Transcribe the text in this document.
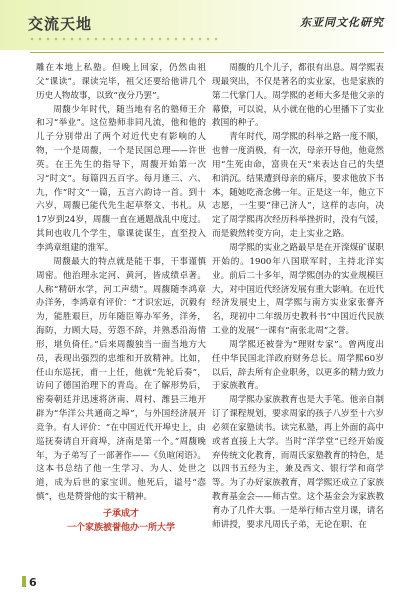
交流天地	东亚同文化研究

雕在本地上私塾。但晚上回家，仍然由祖父“课读”。课读完毕，祖父还要给他讲几个历史人物故事，以致“夜分乃罢”。

周馥少年时代，随当地有名的塾师王介和习“举业”。这位塾师非同凡流，他和他的儿子分别带出了两个对近代史有影响的人物，一个是周馥，一个是民国总理——许世英。在王先生的指导下，周馥开始第一次习“时文”。每篇四五百字。每月逢三、六、九，作“时文”一篇，五言六韵诗一首。到十六岁，周馥已能代先生起草祭文、书札。从17岁到24岁，周馥一直在通题战乱中度过。其间也收几个学生，靠课徒谋生，直至投入李鸿章组建的淮军。

周馥最大的特点就是能干事，干事谨慎周密。他治理永定河、黄河，皆成绩卓著。人称“精研水学，河工声绩”。周馥随李鸿章办洋务，李鸿章有评价：“才识宏远，沉毅有为，能胜艰巨，历年随臣筹办军务，洋务，海防，力顾大局，劳怨不辞，并熟悉沿海情形，堪负倚任。”后来周馥独当一面当地方大员，表现出强烈的忠维和开放精神。比如，任山东巡抚，甫一上任，他就“先轮后奏”，访问了德国治理下的青岛。在了解形势后，密奏朝廷并迅速将济南、周村、潍县三地开辟为“华洋公共通商之埠”，与外国经济展开竞争。有人评价：“在中国近代开埠史上，由巡抚奏请自开商埠，济南是第一个。”周馥晚年，为子弟写了一部著作——《负暄闲语》。这本书总结了他一生学习、为人、处世之道，成为后世的家宝训。他死后，谥号“悫慎”，也是赞誉他的实干精神。

子承成才
一个家族被誉他办一所大学

周馥的几个儿子，都很有出息。周学熙表现最突出，不仅是著名的实业家，也是家族的第二代掌门人。周学熙的老师大多是他父亲的幕僚，可以说，从小就在他的心里播下了实业救国的种子。

青年时代，周学熙的科举之路一度不顺，也曾一度消极，有一次，母亲开导他，他竟然用“生死由命，富贵在天”来表达自己的失望和消沉。结果遭到母亲的痛斥，要求他放下书本，随她吃斋念佛一年。正是这一年，他立下志愿，一生要“律己济人”，这样的志向，决定了周学熙再次经历科举挫折时，没有气馁，而是毅然转变方向，走上实业之路。

周学熙的实业之路最早是在开滦煤矿谋职开始的。1900年八国联军时，主持北洋实业。前后二十多年，周学熙创办的实业规模巨大，对中国近代经济发展有重大影响。在近代经济发展史上，周学熙与南方实业家张謇齐名，现初中二年级历史教科书“中国近代民族工业的发展”一课有“南张北周”之誉。

周学熙还被誉为“理财专家”。曾两度出任中华民国北洋政府财务总长。周学熙60岁以后，辞去所有企业职务，以更多的精力致力于家族教育。

周学熙办家族教育也是大手笔。他亲自制订了课程规划，要求周家的孩子八岁至十六岁必须在家塾读书。读完私塾，再上外面的高中或者直接上大学。当时“洋学堂”已经开始废弃传统文化教育，而周氏家塾教育的特色，是以四书五经为主，兼及西文、银行学和商学等。为了办好家族教育，周学熙还成立了家族教育基金会——师古堂。这个基金会为家族教育办了几件大事。一是举行师古堂月课，请名师讲授，要求凡周氏子弟，无论在职、在

6
